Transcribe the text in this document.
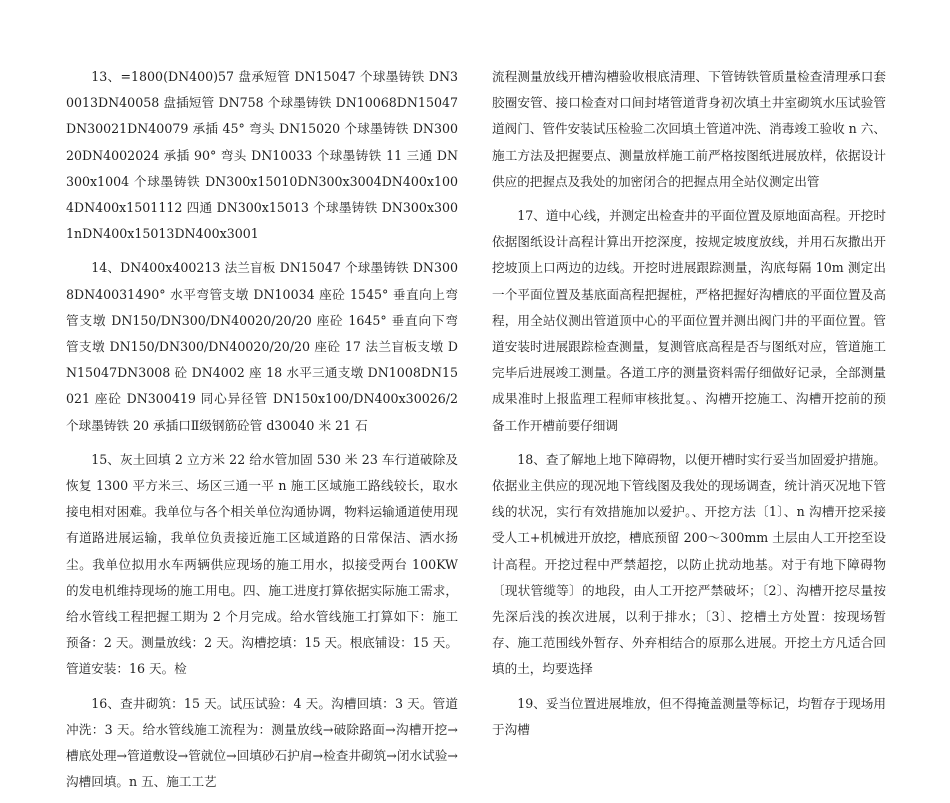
13、=1800(DN400)57 盘承短管 DN15047 个球墨铸铁 DN30013DN40058 盘插短管 DN758 个球墨铸铁 DN10068DN15047DN30021DN40079 承插 45° 弯头 DN15020 个球墨铸铁 DN30020DN4002024 承插 90° 弯头 DN10033 个球墨铸铁 11 三通 DN300x1004 个球墨铸铁 DN300x15010DN300x3004DN400x1004DN400x1501112 四通 DN300x15013 个球墨铸铁 DN300x3001nDN400x15013DN400x3001

14、DN400x400213 法兰盲板 DN15047 个球墨铸铁 DN3008DN40031490° 水平弯管支墩 DN10034 座砼 1545° 垂直向上弯管支墩 DN150/DN300/DN40020/20/20 座砼 1645° 垂直向下弯管支墩 DN150/DN300/DN40020/20/20 座砼 17 法兰盲板支墩 DN15047DN3008 砼 DN4002 座 18 水平三通支墩 DN1008DN15021 座砼 DN300419 同心异径管 DN150x100/DN400x30026/2 个球墨铸铁 20 承插口Ⅱ级钢筋砼管 d30040 米 21 石

15、灰土回填 2 立方米 22 给水管加固 530 米 23 车行道破除及恢复 1300 平方米三、场区三通一平 n 施工区域施工路线较长，取水接电相对困难。我单位与各个相关单位沟通协调，物料运输通道使用现有道路进展运输，我单位负责接近施工区域道路的日常保洁、洒水扬尘。我单位拟用水车两辆供应现场的施工用水，拟接受两台 100KW 的发电机维持现场的施工用电。四、施工进度打算依据实际施工需求，给水管线工程把握工期为 2 个月完成。给水管线施工打算如下：施工预备：2 天。测量放线：2 天。沟槽挖填：15 天。根底铺设：15 天。管道安装：16 天。检

16、查井砌筑：15 天。试压试验：4 天。沟槽回填：3 天。管道冲洗：3 天。给水管线施工流程为：测量放线→破除路面→沟槽开挖→槽底处理→管道敷设→管就位→回填砂石护肩→检查井砌筑→闭水试验→沟槽回填。n 五、施工工艺

流程测量放线开槽沟槽验收根底清理、下管铸铁管质量检查清理承口套胶圈安管、接口检查对口间封堵管道背身初次填土井室砌筑水压试验管道阀门、管件安装试压检验二次回填土管道冲洗、消毒竣工验收 n 六、施工方法及把握要点、测量放样施工前严格按图纸进展放样，依据设计供应的把握点及我处的加密闭合的把握点用全站仪测定出管

17、道中心线，并测定出检查井的平面位置及原地面高程。开挖时依据图纸设计高程计算出开挖深度，按规定坡度放线，并用石灰撒出开挖坡顶上口两边的边线。开挖时进展跟踪测量，沟底每隔 10m 测定出一个平面位置及基底面高程把握桩，严格把握好沟槽底的平面位置及高程，用全站仪测出管道顶中心的平面位置并测出阀门井的平面位置。管道安装时进展跟踪检查测量，复测管底高程是否与图纸对应，管道施工完毕后进展竣工测量。各道工序的测量资料需仔细做好记录，全部测量成果准时上报监理工程师审核批复。、沟槽开挖施工、沟槽开挖前的预备工作开槽前要仔细调

18、查了解地上地下障碍物，以便开槽时实行妥当加固爱护措施。依据业主供应的现况地下管线图及我处的现场调查，统计消灭况地下管线的状况，实行有效措施加以爱护。、开挖方法〔1〕、n 沟槽开挖采接受人工+机械进开放挖，槽底预留 200～300mm 土层由人工开挖至设计高程。开挖过程中严禁超挖，以防止扰动地基。对于有地下障碍物〔现状管缆等〕的地段，由人工开挖严禁破坏；〔2〕、沟槽开挖尽量按先深后浅的挨次进展，以利于排水；〔3〕、挖槽土方处置：按现场暂存、施工范围线外暂存、外弃相结合的原那么进展。开挖土方凡适合回填的土，均要选择

19、妥当位置进展堆放，但不得掩盖测量等标记，均暂存于现场用于沟槽
